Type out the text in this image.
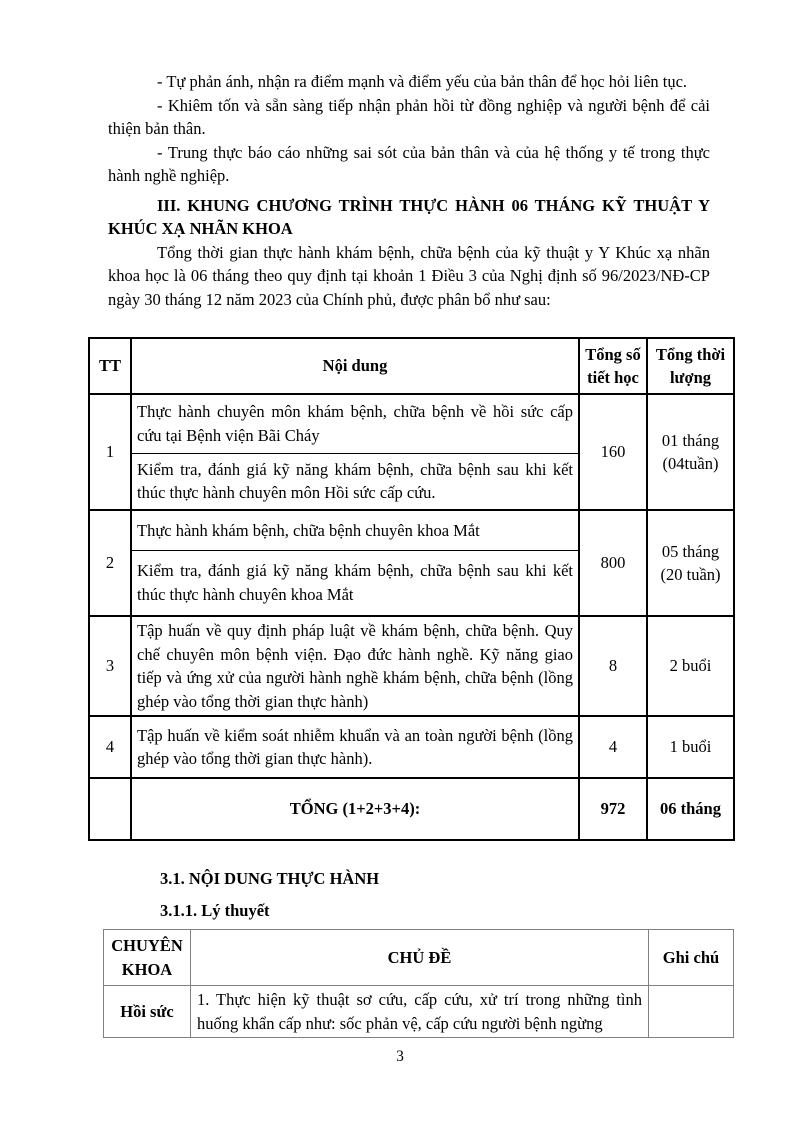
- Tự phản ánh, nhận ra điểm mạnh và điểm yếu của bản thân để học hỏi liên tục.

- Khiêm tốn và sẵn sàng tiếp nhận phản hồi từ đồng nghiệp và người bệnh để cải thiện bản thân.

- Trung thực báo cáo những sai sót của bản thân và của hệ thống y tế trong thực hành nghề nghiệp.

III. KHUNG CHƯƠNG TRÌNH THỰC HÀNH 06 THÁNG KỸ THUẬT Y KHÚC XẠ NHÃN KHOA

Tổng thời gian thực hành khám bệnh, chữa bệnh của kỹ thuật y Y Khúc xạ nhãn khoa học là 06 tháng theo quy định tại khoản 1 Điều 3 của Nghị định số 96/2023/NĐ-CP ngày 30 tháng 12 năm 2023 của Chính phủ, được phân bổ như sau:

TT	Nội dung	Tổng số tiết học	Tổng thời lượng
1	Thực hành chuyên môn khám bệnh, chữa bệnh về hồi sức cấp cứu tại Bệnh viện Bãi Cháy	160	01 tháng (04tuần)
	Kiểm tra, đánh giá kỹ năng khám bệnh, chữa bệnh sau khi kết thúc thực hành chuyên môn Hồi sức cấp cứu.		
2	Thực hành khám bệnh, chữa bệnh chuyên khoa Mắt	800	05 tháng (20 tuần)
	Kiểm tra, đánh giá kỹ năng khám bệnh, chữa bệnh sau khi kết thúc thực hành chuyên khoa Mắt		
3	Tập huấn về quy định pháp luật về khám bệnh, chữa bệnh. Quy chế chuyên môn bệnh viện. Đạo đức hành nghề. Kỹ năng giao tiếp và ứng xử của người hành nghề khám bệnh, chữa bệnh (lồng ghép vào tổng thời gian thực hành)	8	2 buổi
4	Tập huấn về kiểm soát nhiễm khuẩn và an toàn người bệnh (lồng ghép vào tổng thời gian thực hành).	4	1 buổi
	TỔNG (1+2+3+4):	972	06 tháng
3.1. NỘI DUNG THỰC HÀNH
3.1.1. Lý thuyết
CHUYÊN KHOA	CHỦ ĐỀ	Ghi chú
Hồi sức	1. Thực hiện kỹ thuật sơ cứu, cấp cứu, xử trí trong những tình huống khẩn cấp như: sốc phản vệ, cấp cứu người bệnh ngừng	
3
